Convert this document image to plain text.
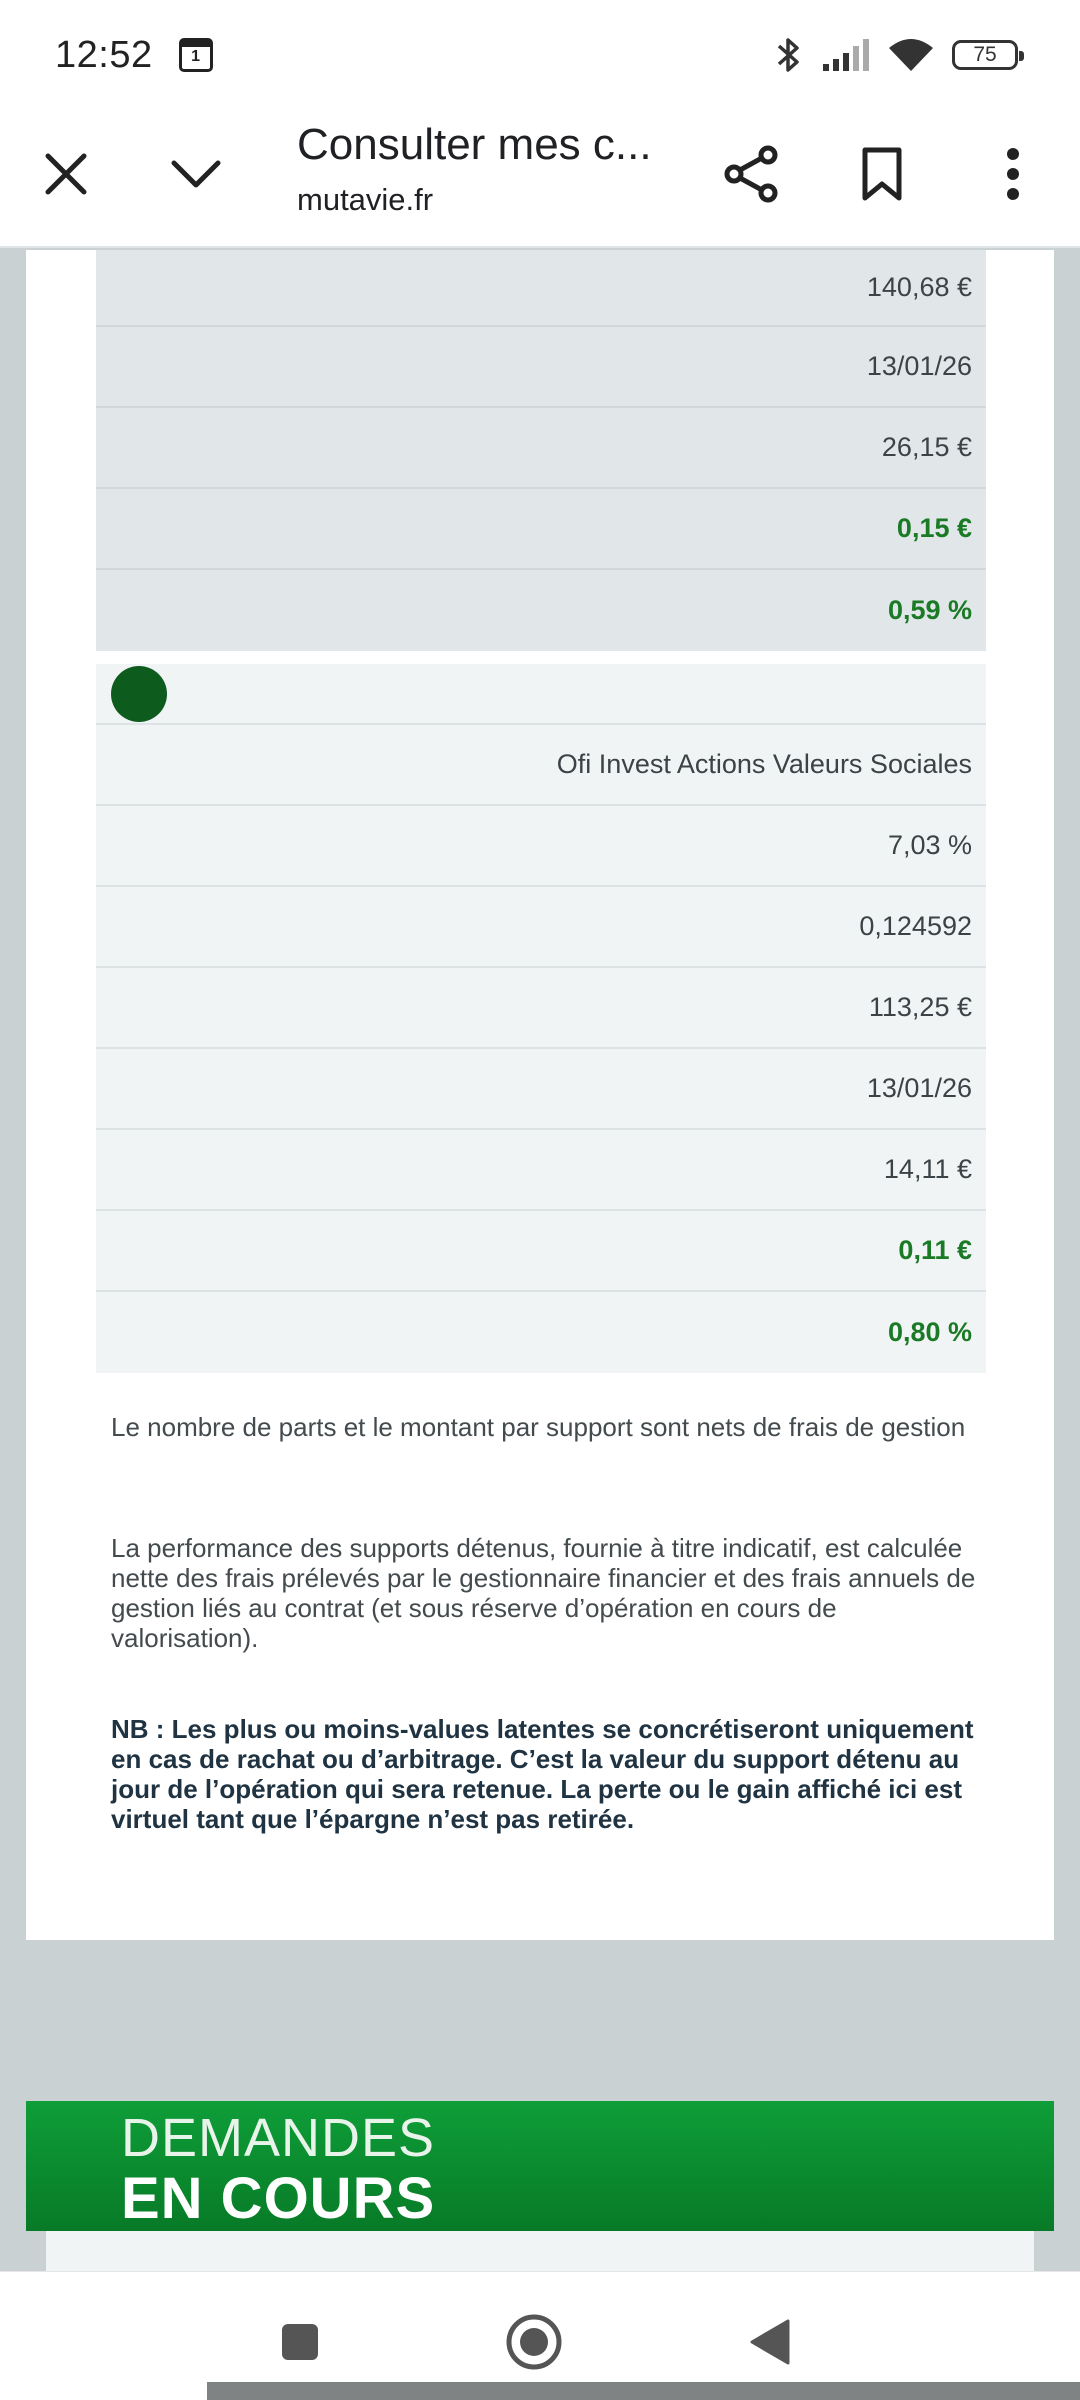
12:52	1	75
Consulter mes c...
mutavie.fr
140,68 €
13/01/26
26,15 €
0,15 €
0,59 %
Ofi Invest Actions Valeurs Sociales
7,03 %
0,124592
113,25 €
13/01/26
14,11 €
0,11 €
0,80 %

Le nombre de parts et le montant par support sont nets de frais de gestion

La performance des supports détenus, fournie à titre indicatif, est calculée nette des frais prélevés par le gestionnaire financier et des frais annuels de gestion liés au contrat (et sous réserve d’opération en cours de valorisation).

NB : Les plus ou moins-values latentes se concrétiseront uniquement en cas de rachat ou d’arbitrage. C’est la valeur du support détenu au jour de l’opération qui sera retenue. La perte ou le gain affiché ici est virtuel tant que l’épargne n’est pas retirée.

DEMANDES
EN COURS
